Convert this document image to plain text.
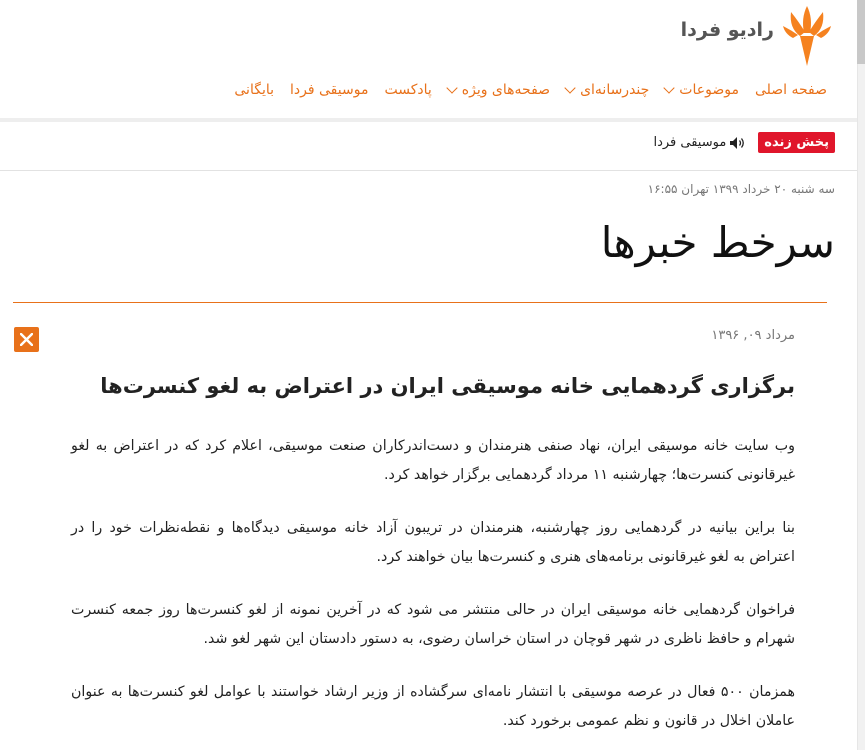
رادیو فردا
صفحه اصلی
موضوعات
چندرسانه‌ای
صفحه‌های ویژه
پادکست
موسیقی فردا
بایگانی
پخش زنده
موسیقی فردا
سه شنبه ۲۰ خرداد ۱۳۹۹ تهران ۱۶:۵۵
سرخط خبرها
مرداد ۰۹, ۱۳۹۶
برگزاری گردهمایی خانه موسیقی ایران در اعتراض به لغو کنسرت‌ها

وب سایت خانه موسیقی ایران، نهاد صنفی هنرمندان و دست‌اندرکاران صنعت موسیقی، اعلام کرد که در اعتراض به لغو غیرقانونی کنسرت‌ها؛ چهارشنبه ۱۱ مرداد گردهمایی برگزار خواهد کرد.

بنا براین بیانیه در گردهمایی روز چهارشنبه، هنرمندان در تریبون آزاد خانه موسیقی دیدگاه‌ها و نقطه‌نظرات خود را در اعتراض به لغو غیرقانونی برنامه‌های هنری و کنسرت‌ها بیان خواهند کرد.

فراخوان گردهمایی خانه موسیقی ایران در حالی منتشر می شود که در آخرین نمونه از لغو کنسرت‌ها روز جمعه کنسرت شهرام و حافظ ناظری در شهر قوچان در استان خراسان رضوی، به دستور دادستان این شهر لغو شد.

همزمان ۵۰۰ فعال در عرصه موسیقی با انتشار نامه‌ای سرگشاده از وزیر ارشاد خواستند با عوامل لغو کنسرت‌ها به عنوان عاملان اخلال در قانون و نظم عمومی برخورد کند.
